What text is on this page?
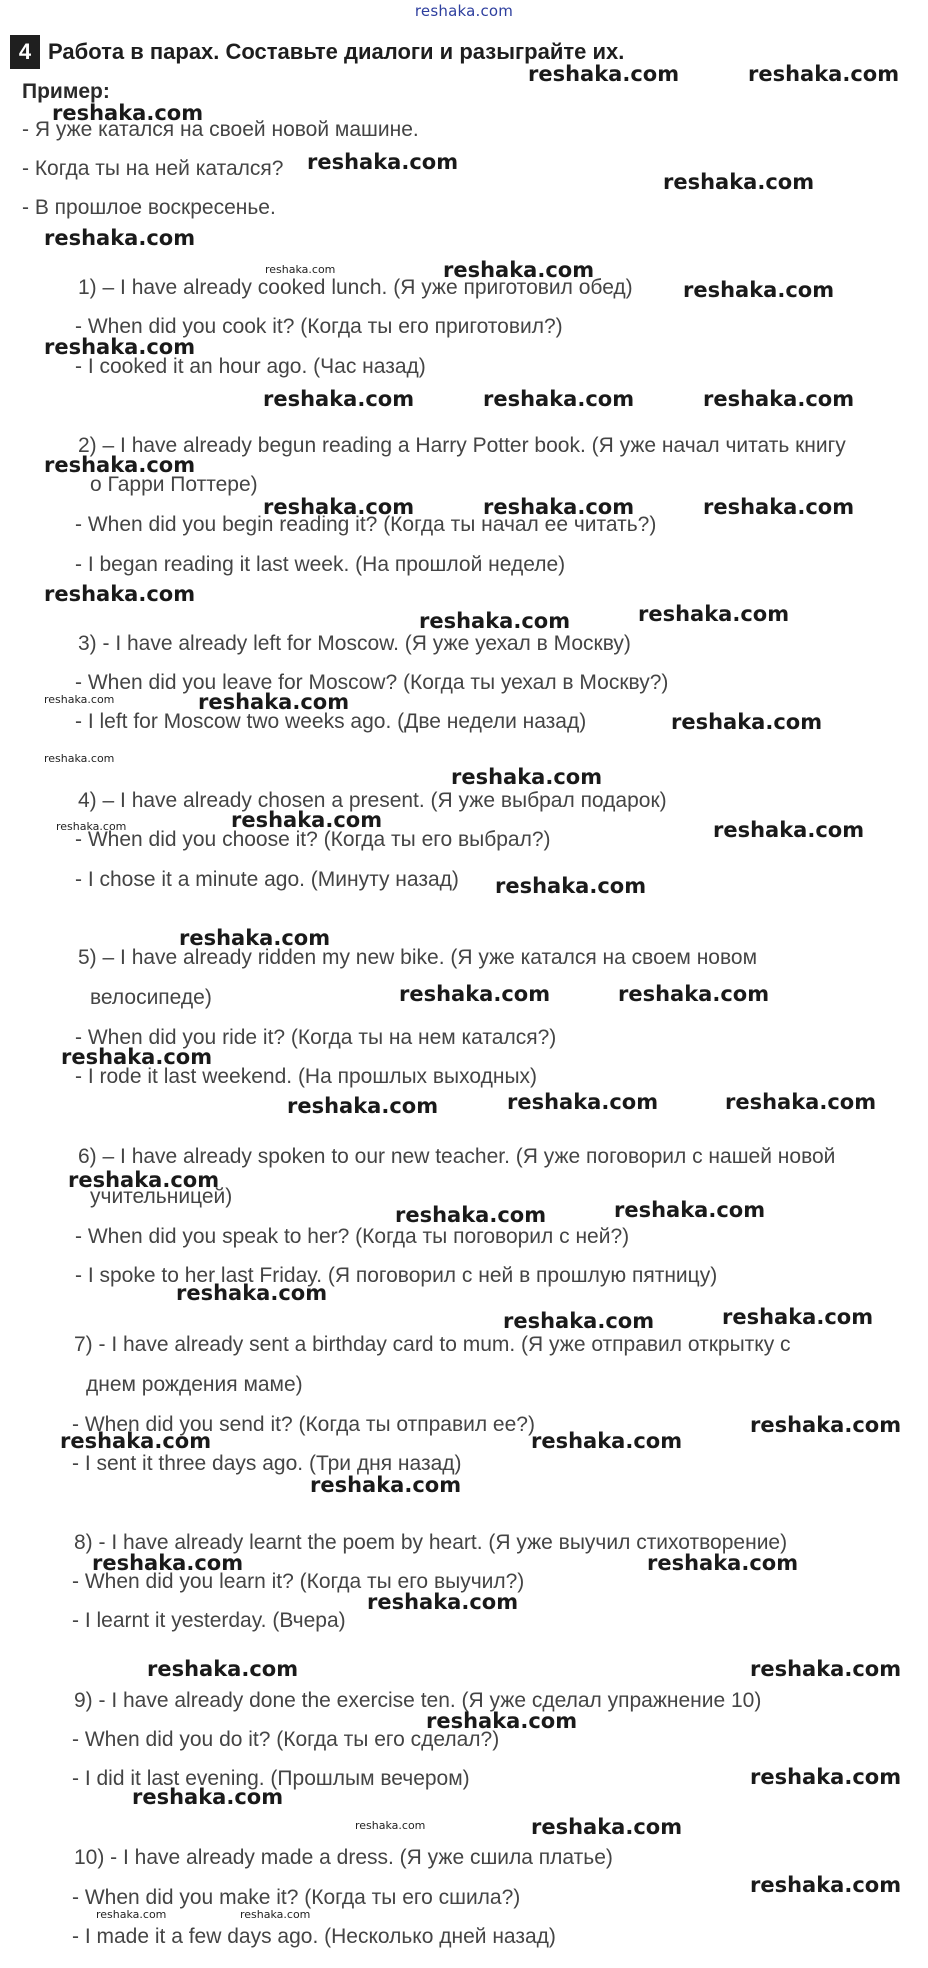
reshaka.com
4 Работа в парах. Составьте диалоги и разыграйте их.
Пример:
- Я уже катался на своей новой машине.
- Когда ты на ней катался?
- В прошлое воскресенье.
1) – I have already cooked lunch. (Я уже приготовил обед)
- When did you cook it? (Когда ты его приготовил?)
- I cooked it an hour ago. (Час назад)
2) – I have already begun reading a Harry Potter book. (Я уже начал читать книгу
о Гарри Поттере)
- When did you begin reading it? (Когда ты начал ее читать?)
- I began reading it last week. (На прошлой неделе)
3) - I have already left for Moscow. (Я уже уехал в Москву)
- When did you leave for Moscow? (Когда ты уехал в Москву?)
- I left for Moscow two weeks ago. (Две недели назад)
4) – I have already chosen a present. (Я уже выбрал подарок)
- When did you choose it? (Когда ты его выбрал?)
- I chose it a minute ago. (Минуту назад)
5) – I have already ridden my new bike. (Я уже катался на своем новом
велосипеде)
- When did you ride it? (Когда ты на нем катался?)
- I rode it last weekend. (На прошлых выходных)
6) – I have already spoken to our new teacher. (Я уже поговорил с нашей новой
учительницей)
- When did you speak to her? (Когда ты поговорил с ней?)
- I spoke to her last Friday. (Я поговорил с ней в прошлую пятницу)
7) - I have already sent a birthday card to mum. (Я уже отправил открытку с
днем рождения маме)
- When did you send it? (Когда ты отправил ее?)
- I sent it three days ago. (Три дня назад)
8) - I have already learnt the poem by heart. (Я уже выучил стихотворение)
- When did you learn it? (Когда ты его выучил?)
- I learnt it yesterday. (Вчера)
9) - I have already done the exercise ten. (Я уже сделал упражнение 10)
- When did you do it? (Когда ты его сделал?)
- I did it last evening. (Прошлым вечером)
10) - I have already made a dress. (Я уже сшила платье)
- When did you make it? (Когда ты его сшила?)
- I made it a few days ago. (Несколько дней назад)
reshaka.com	reshaka.com
reshaka.com
reshaka.com
reshaka.com
reshaka.com
reshaka.com	reshaka.com
reshaka.com
reshaka.com
reshaka.com	reshaka.com	reshaka.com
reshaka.com
reshaka.com	reshaka.com	reshaka.com
reshaka.com
reshaka.com	reshaka.com
reshaka.com	reshaka.com
reshaka.com
reshaka.com
reshaka.com
reshaka.com	reshaka.com	reshaka.com
reshaka.com
reshaka.com
reshaka.com	reshaka.com
reshaka.com
reshaka.com	reshaka.com	reshaka.com
reshaka.com
reshaka.com	reshaka.com
reshaka.com
reshaka.com	reshaka.com
reshaka.com
reshaka.com	reshaka.com
reshaka.com
reshaka.com	reshaka.com
reshaka.com
reshaka.com	reshaka.com
reshaka.com
reshaka.com
reshaka.com
reshaka.com	reshaka.com
reshaka.com
reshaka.com	reshaka.com
